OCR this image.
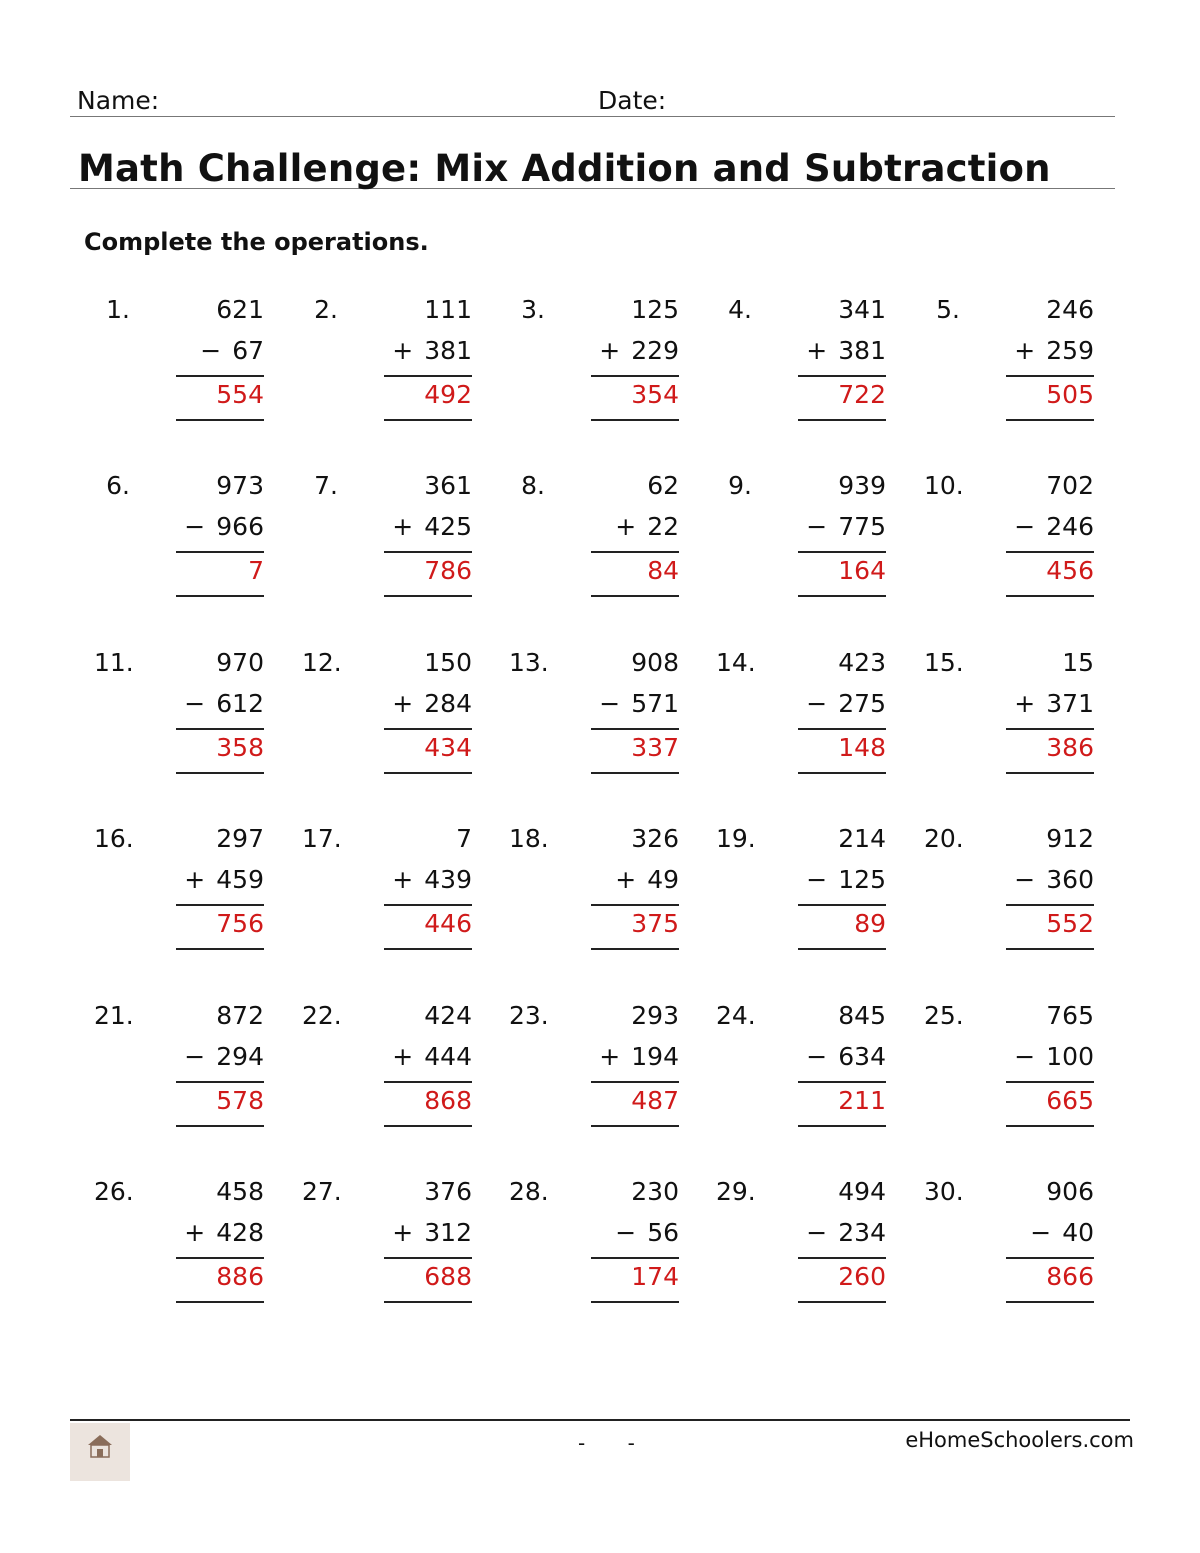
Name:	Date:
Math Challenge: Mix Addition and Subtraction
Complete the operations.
1.	621
− 67
554
2.	111
+ 381
492
3.	125
+ 229
354
4.	341
+ 381
722
5.	246
+ 259
505
6.	973
− 966
7
7.	361
+ 425
786
8.	62
+ 22
84
9.	939
− 775
164
10.	702
− 246
456
11.	970
− 612
358
12.	150
+ 284
434
13.	908
− 571
337
14.	423
− 275
148
15.	15
+ 371
386
16.	297
+ 459
756
17.	7
+ 439
446
18.	326
+ 49
375
19.	214
− 125
89
20.	912
− 360
552
21.	872
− 294
578
22.	424
+ 444
868
23.	293
+ 194
487
24.	845
− 634
211
25.	765
− 100
665
26.	458
+ 428
886
27.	376
+ 312
688
28.	230
− 56
174
29.	494
− 234
260
30.	906
− 40
866
- -	eHomeSchoolers.com
